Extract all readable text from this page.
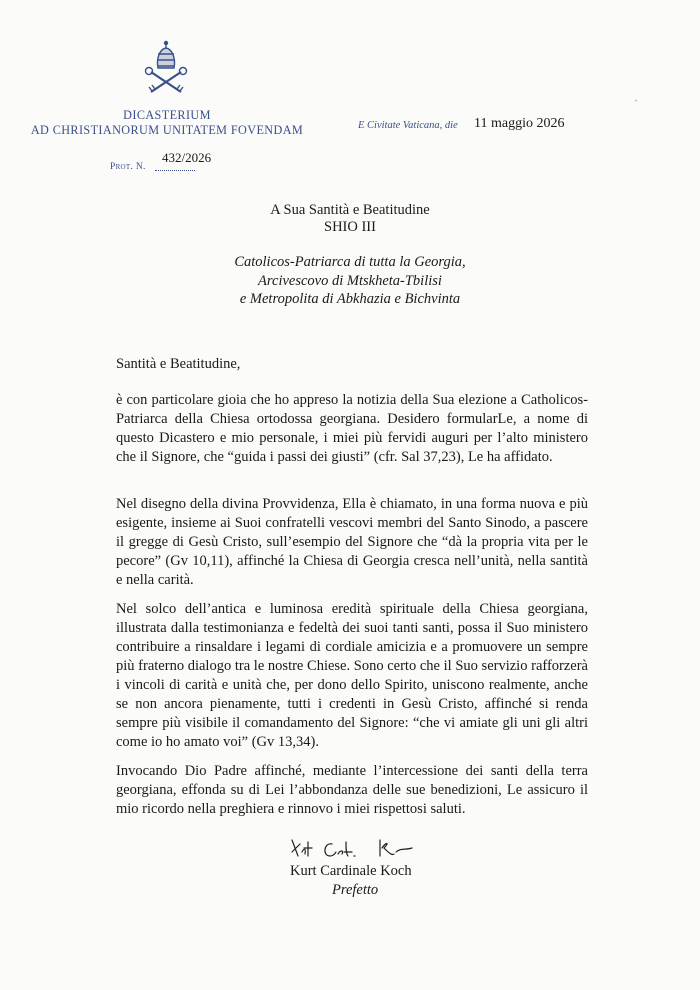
DICASTERIUM
AD CHRISTIANORUM UNITATEM FOVENDAM
432/2026
Prot. N.
E Civitate Vaticana, die 11 maggio 2026
ˏ
A Sua Santità e Beatitudine
SHIO III
Catolicos-Patriarca di tutta la Georgia,
Arcivescovo di Mtskheta-Tbilisi
e Metropolita di Abkhazia e Bichvinta
Santità e Beatitudine,

è con particolare gioia che ho appreso la notizia della Sua elezione a Catholicos-Patriarca della Chiesa ortodossa georgiana. Desidero formularLe, a nome di questo Dicastero e mio personale, i miei più fervidi auguri per l’alto ministero che il Signore, che “guida i passi dei giusti” (cfr. Sal 37,23), Le ha affidato.

Nel disegno della divina Provvidenza, Ella è chiamato, in una forma nuova e più esigente, insieme ai Suoi confratelli vescovi membri del Santo Sinodo, a pascere il gregge di Gesù Cristo, sull’esempio del Signore che “dà la propria vita per le pecore” (Gv 10,11), affinché la Chiesa di Georgia cresca nell’unità, nella santità e nella carità.

Nel solco dell’antica e luminosa eredità spirituale della Chiesa georgiana, illustrata dalla testimonianza e fedeltà dei suoi tanti santi, possa il Suo ministero contribuire a rinsaldare i legami di cordiale amicizia e a promuovere un sempre più fraterno dialogo tra le nostre Chiese. Sono certo che il Suo servizio rafforzerà i vincoli di carità e unità che, per dono dello Spirito, uniscono realmente, anche se non ancora pienamente, tutti i credenti in Gesù Cristo, affinché si renda sempre più visibile il comandamento del Signore: “che vi amiate gli uni gli altri come io ho amato voi” (Gv 13,34).

Invocando Dio Padre affinché, mediante l’intercessione dei santi della terra georgiana, effonda su di Lei l’abbondanza delle sue benedizioni, Le assicuro il mio ricordo nella preghiera e rinnovo i miei rispettosi saluti.

Kurt Cardinale Koch
Prefetto
